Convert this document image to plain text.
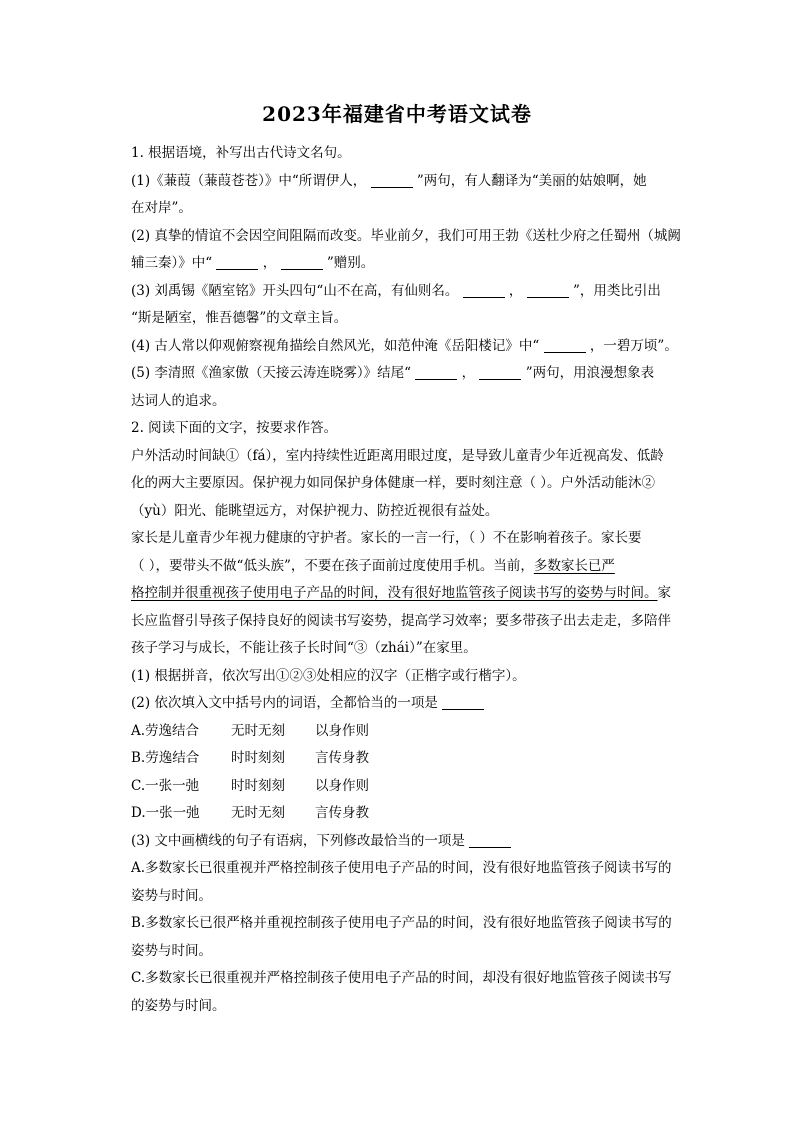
2023年福建省中考语文试卷

1. 根据语境，补写出古代诗文名句。

(1)《蒹葭（蒹葭苍苍）》中“所谓伊人，	”两句，有人翻译为“美丽的姑娘啊，她

在对岸”。

(2) 真挚的情谊不会因空间阻隔而改变。毕业前夕，我们可用王勃《送杜少府之任蜀州（城阙

辅三秦）》中“	，	”赠别。

(3) 刘禹锡《陋室铭》开头四句“山不在高，有仙则名。	，	”，用类比引出

“斯是陋室，惟吾德馨”的文章主旨。

(4) 古人常以仰观俯察视角描绘自然风光，如范仲淹《岳阳楼记》中“	，一碧万顷”。

(5) 李清照《渔家傲（天接云涛连晓雾）》结尾“	，	”两句，用浪漫想象表

达词人的追求。

2. 阅读下面的文字，按要求作答。

户外活动时间缺①（fá），室内持续性近距离用眼过度，是导致儿童青少年近视高发、低龄

化的两大主要原因。保护视力如同保护身体健康一样，要时刻注意（ ）。户外活动能沐②

（yù）阳光、能眺望远方，对保护视力、防控近视很有益处。

家长是儿童青少年视力健康的守护者。家长的一言一行，（ ）不在影响着孩子。家长要

（ ），要带头不做“低头族”，不要在孩子面前过度使用手机。当前，多数家长已严

格控制并很重视孩子使用电子产品的时间，没有很好地监管孩子阅读书写的姿势与时间。家

长应监督引导孩子保持良好的阅读书写姿势，提高学习效率；要多带孩子出去走走，多陪伴

孩子学习与成长，不能让孩子长时间“③（zhái）”在家里。

(1) 根据拼音，依次写出①②③处相应的汉字（正楷字或行楷字）。

(2) 依次填入文中括号内的词语，全都恰当的一项是

A.劳逸结合 无时无刻 以身作则

B.劳逸结合 时时刻刻 言传身教

C.一张一弛 时时刻刻 以身作则

D.一张一弛 无时无刻 言传身教

(3) 文中画横线的句子有语病，下列修改最恰当的一项是

A.多数家长已很重视并严格控制孩子使用电子产品的时间，没有很好地监管孩子阅读书写的

姿势与时间。

B.多数家长已很严格并重视控制孩子使用电子产品的时间，没有很好地监管孩子阅读书写的

姿势与时间。

C.多数家长已很重视并严格控制孩子使用电子产品的时间，却没有很好地监管孩子阅读书写

的姿势与时间。
